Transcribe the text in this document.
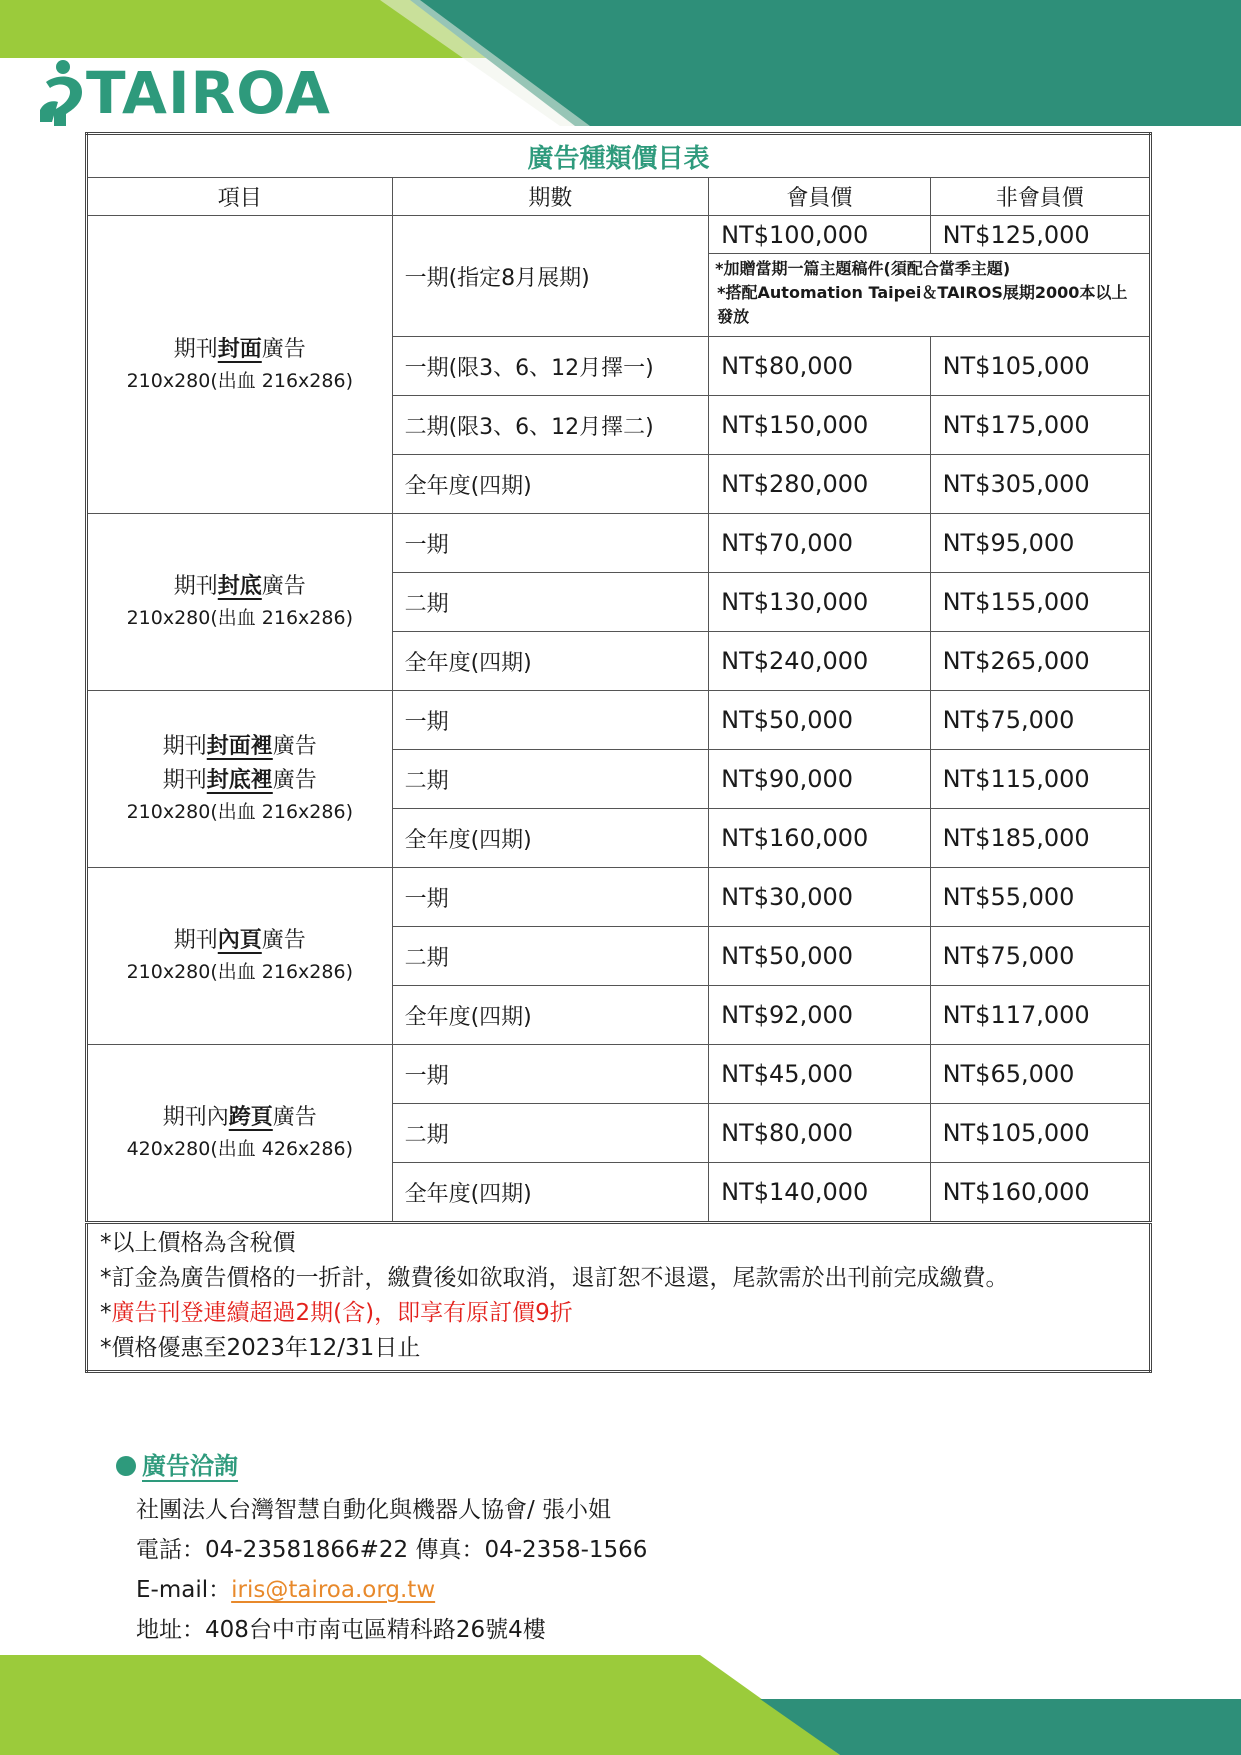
TAIROA
廣告種類價目表			
項目	期數	會員價	非會員價

期刊封面廣告
210x280(出血 216x286)	一期(指定8月展期)	NT$100,000	NT$125,000

		*加贈當期一篇主題稿件(須配合當季主題)
*搭配Automation Taipei＆TAIROS展期2000本以上發放	

	一期(限3、6、12月擇一)	NT$80,000	NT$105,000
	二期(限3、6、12月擇二)	NT$150,000	NT$175,000
	全年度(四期)	NT$280,000	NT$305,000

期刊封底廣告
210x280(出血 216x286)	一期	NT$70,000	NT$95,000
	二期	NT$130,000	NT$155,000
	全年度(四期)	NT$240,000	NT$265,000

期刊封面裡廣告
期刊封底裡廣告
210x280(出血 216x286)	一期	NT$50,000	NT$75,000
	二期	NT$90,000	NT$115,000
	全年度(四期)	NT$160,000	NT$185,000

期刊內頁廣告
210x280(出血 216x286)	一期	NT$30,000	NT$55,000
	二期	NT$50,000	NT$75,000
	全年度(四期)	NT$92,000	NT$117,000

期刊內跨頁廣告
420x280(出血 426x286)	一期	NT$45,000	NT$65,000
	二期	NT$80,000	NT$105,000
	全年度(四期)	NT$140,000	NT$160,000

*以上價格為含稅價
*訂金為廣告價格的一折計，繳費後如欲取消，退訂恕不退還，尾款需於出刊前完成繳費。
*廣告刊登連續超過2期(含)，即享有原訂價9折
*價格優惠至2023年12/31日止			
廣告洽詢
社團法人台灣智慧自動化與機器人協會/ 張小姐
電話：04-23581866#22 傳真：04-2358-1566
E-mail：iris@tairoa.org.tw
地址：408台中市南屯區精科路26號4樓
